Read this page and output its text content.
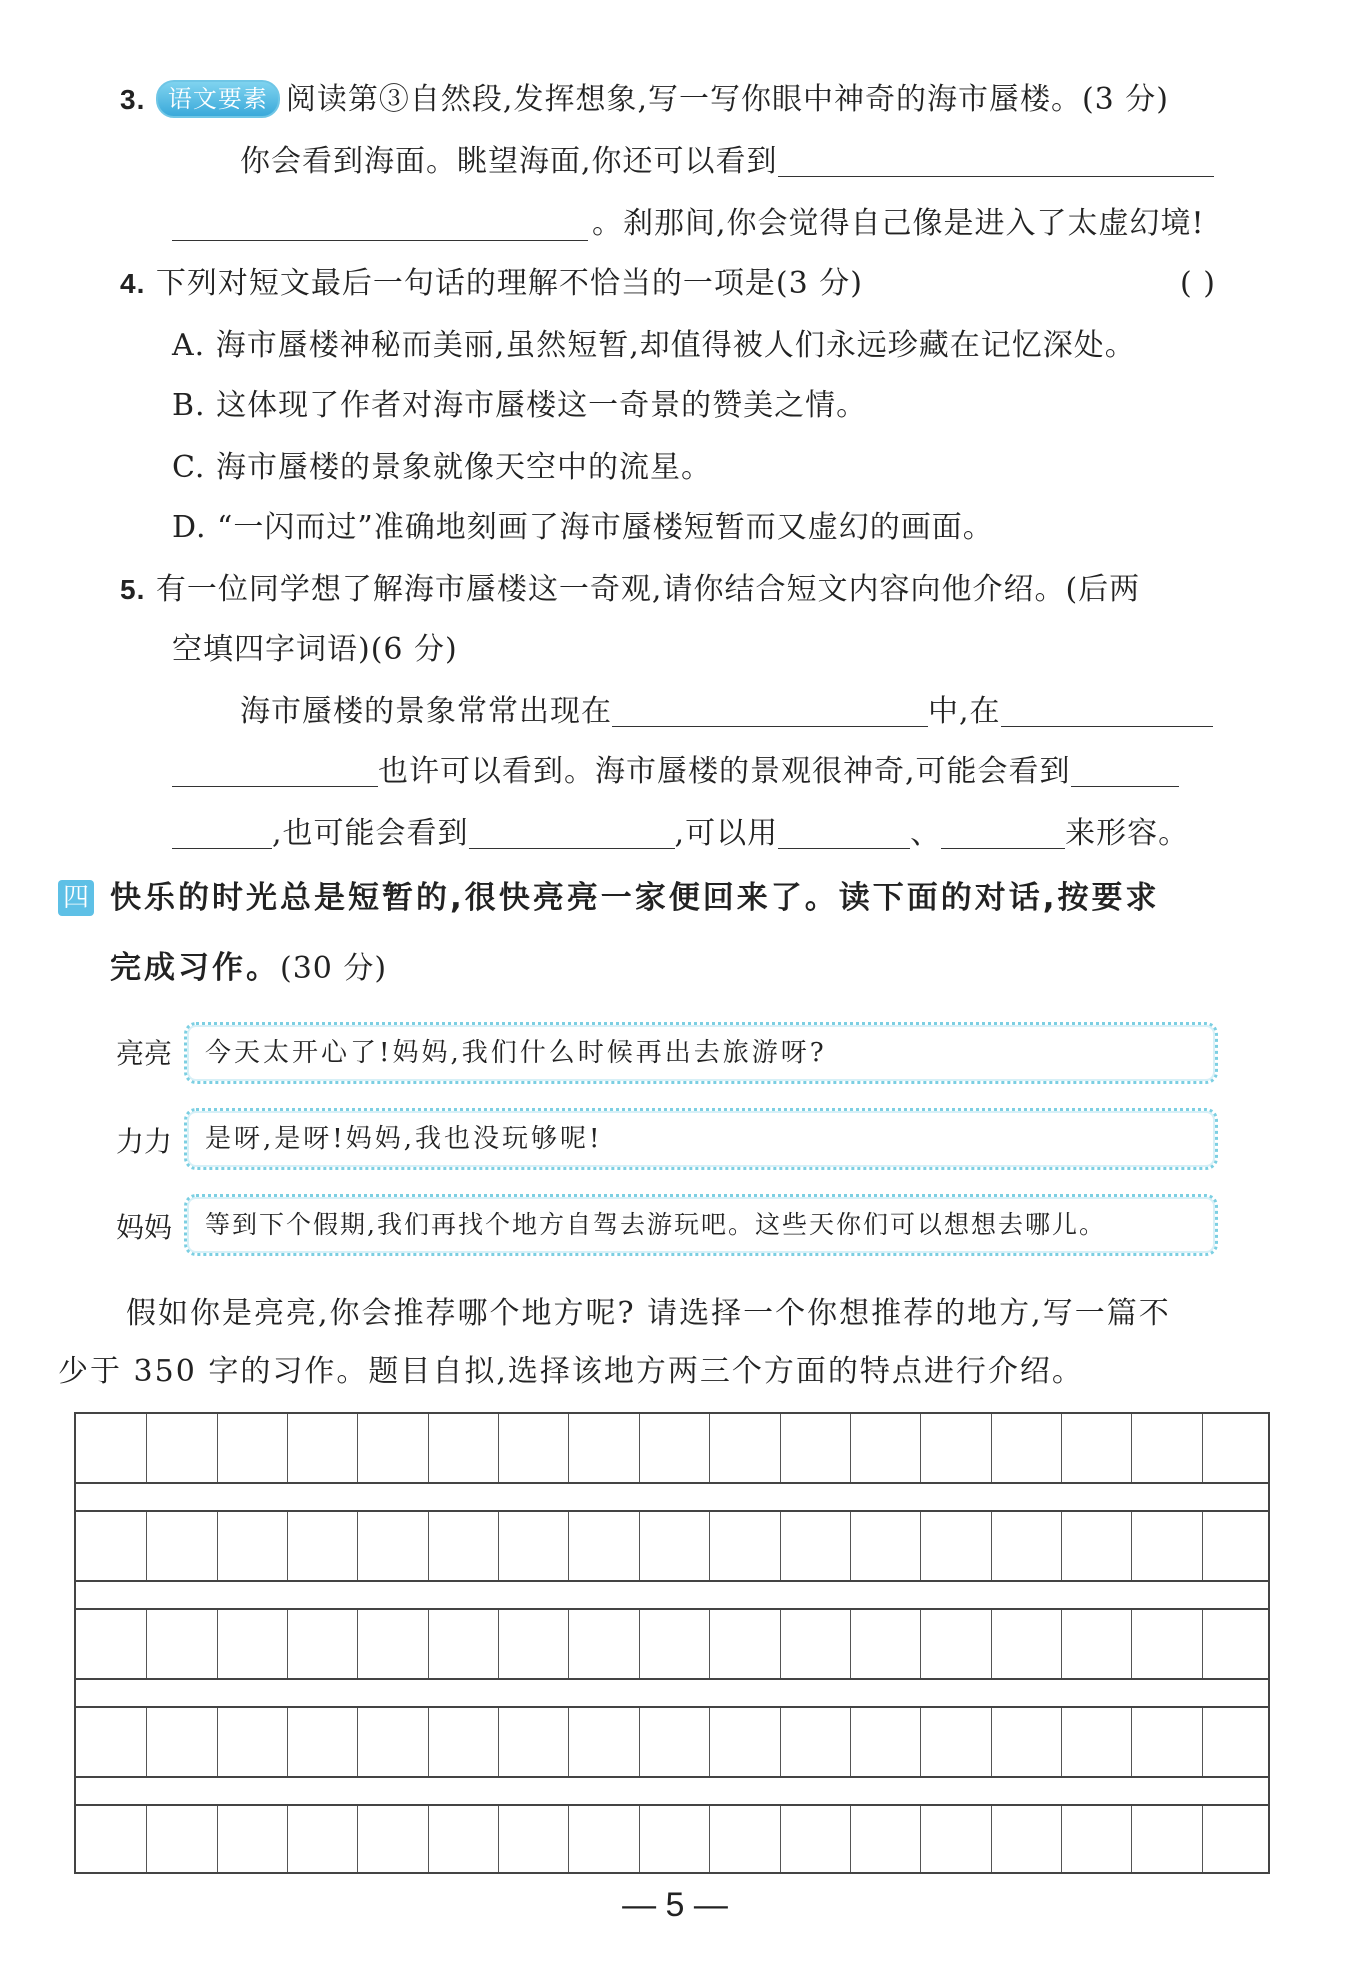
3. 语文要素 阅读第③自然段,发挥想象,写一写你眼中神奇的海市蜃楼。(3 分)
你会看到海面。眺望海面,你还可以看到
。刹那间,你会觉得自己像是进入了太虚幻境!
4. 下列对短文最后一句话的理解不恰当的一项是(3 分)	( )
A. 海市蜃楼神秘而美丽,虽然短暂,却值得被人们永远珍藏在记忆深处。
B. 这体现了作者对海市蜃楼这一奇景的赞美之情。
C. 海市蜃楼的景象就像天空中的流星。
D. “一闪而过”准确地刻画了海市蜃楼短暂而又虚幻的画面。
5. 有一位同学想了解海市蜃楼这一奇观,请你结合短文内容向他介绍。(后两
空填四字词语)(6 分)
海市蜃楼的景象常常出现在	中,在
也许可以看到。海市蜃楼的景观很神奇,可能会看到
,也可能会看到	,可以用	、	来形容。
四 快乐的时光总是短暂的,很快亮亮一家便回来了。读下面的对话,按要求
完成习作。(30 分)
亮亮	今天太开心了!妈妈,我们什么时候再出去旅游呀?
力力	是呀,是呀!妈妈,我也没玩够呢!
妈妈	等到下个假期,我们再找个地方自驾去游玩吧。这些天你们可以想想去哪儿。
假如你是亮亮,你会推荐哪个地方呢? 请选择一个你想推荐的地方,写一篇不
少于 350 字的习作。题目自拟,选择该地方两三个方面的特点进行介绍。
— 5 —
